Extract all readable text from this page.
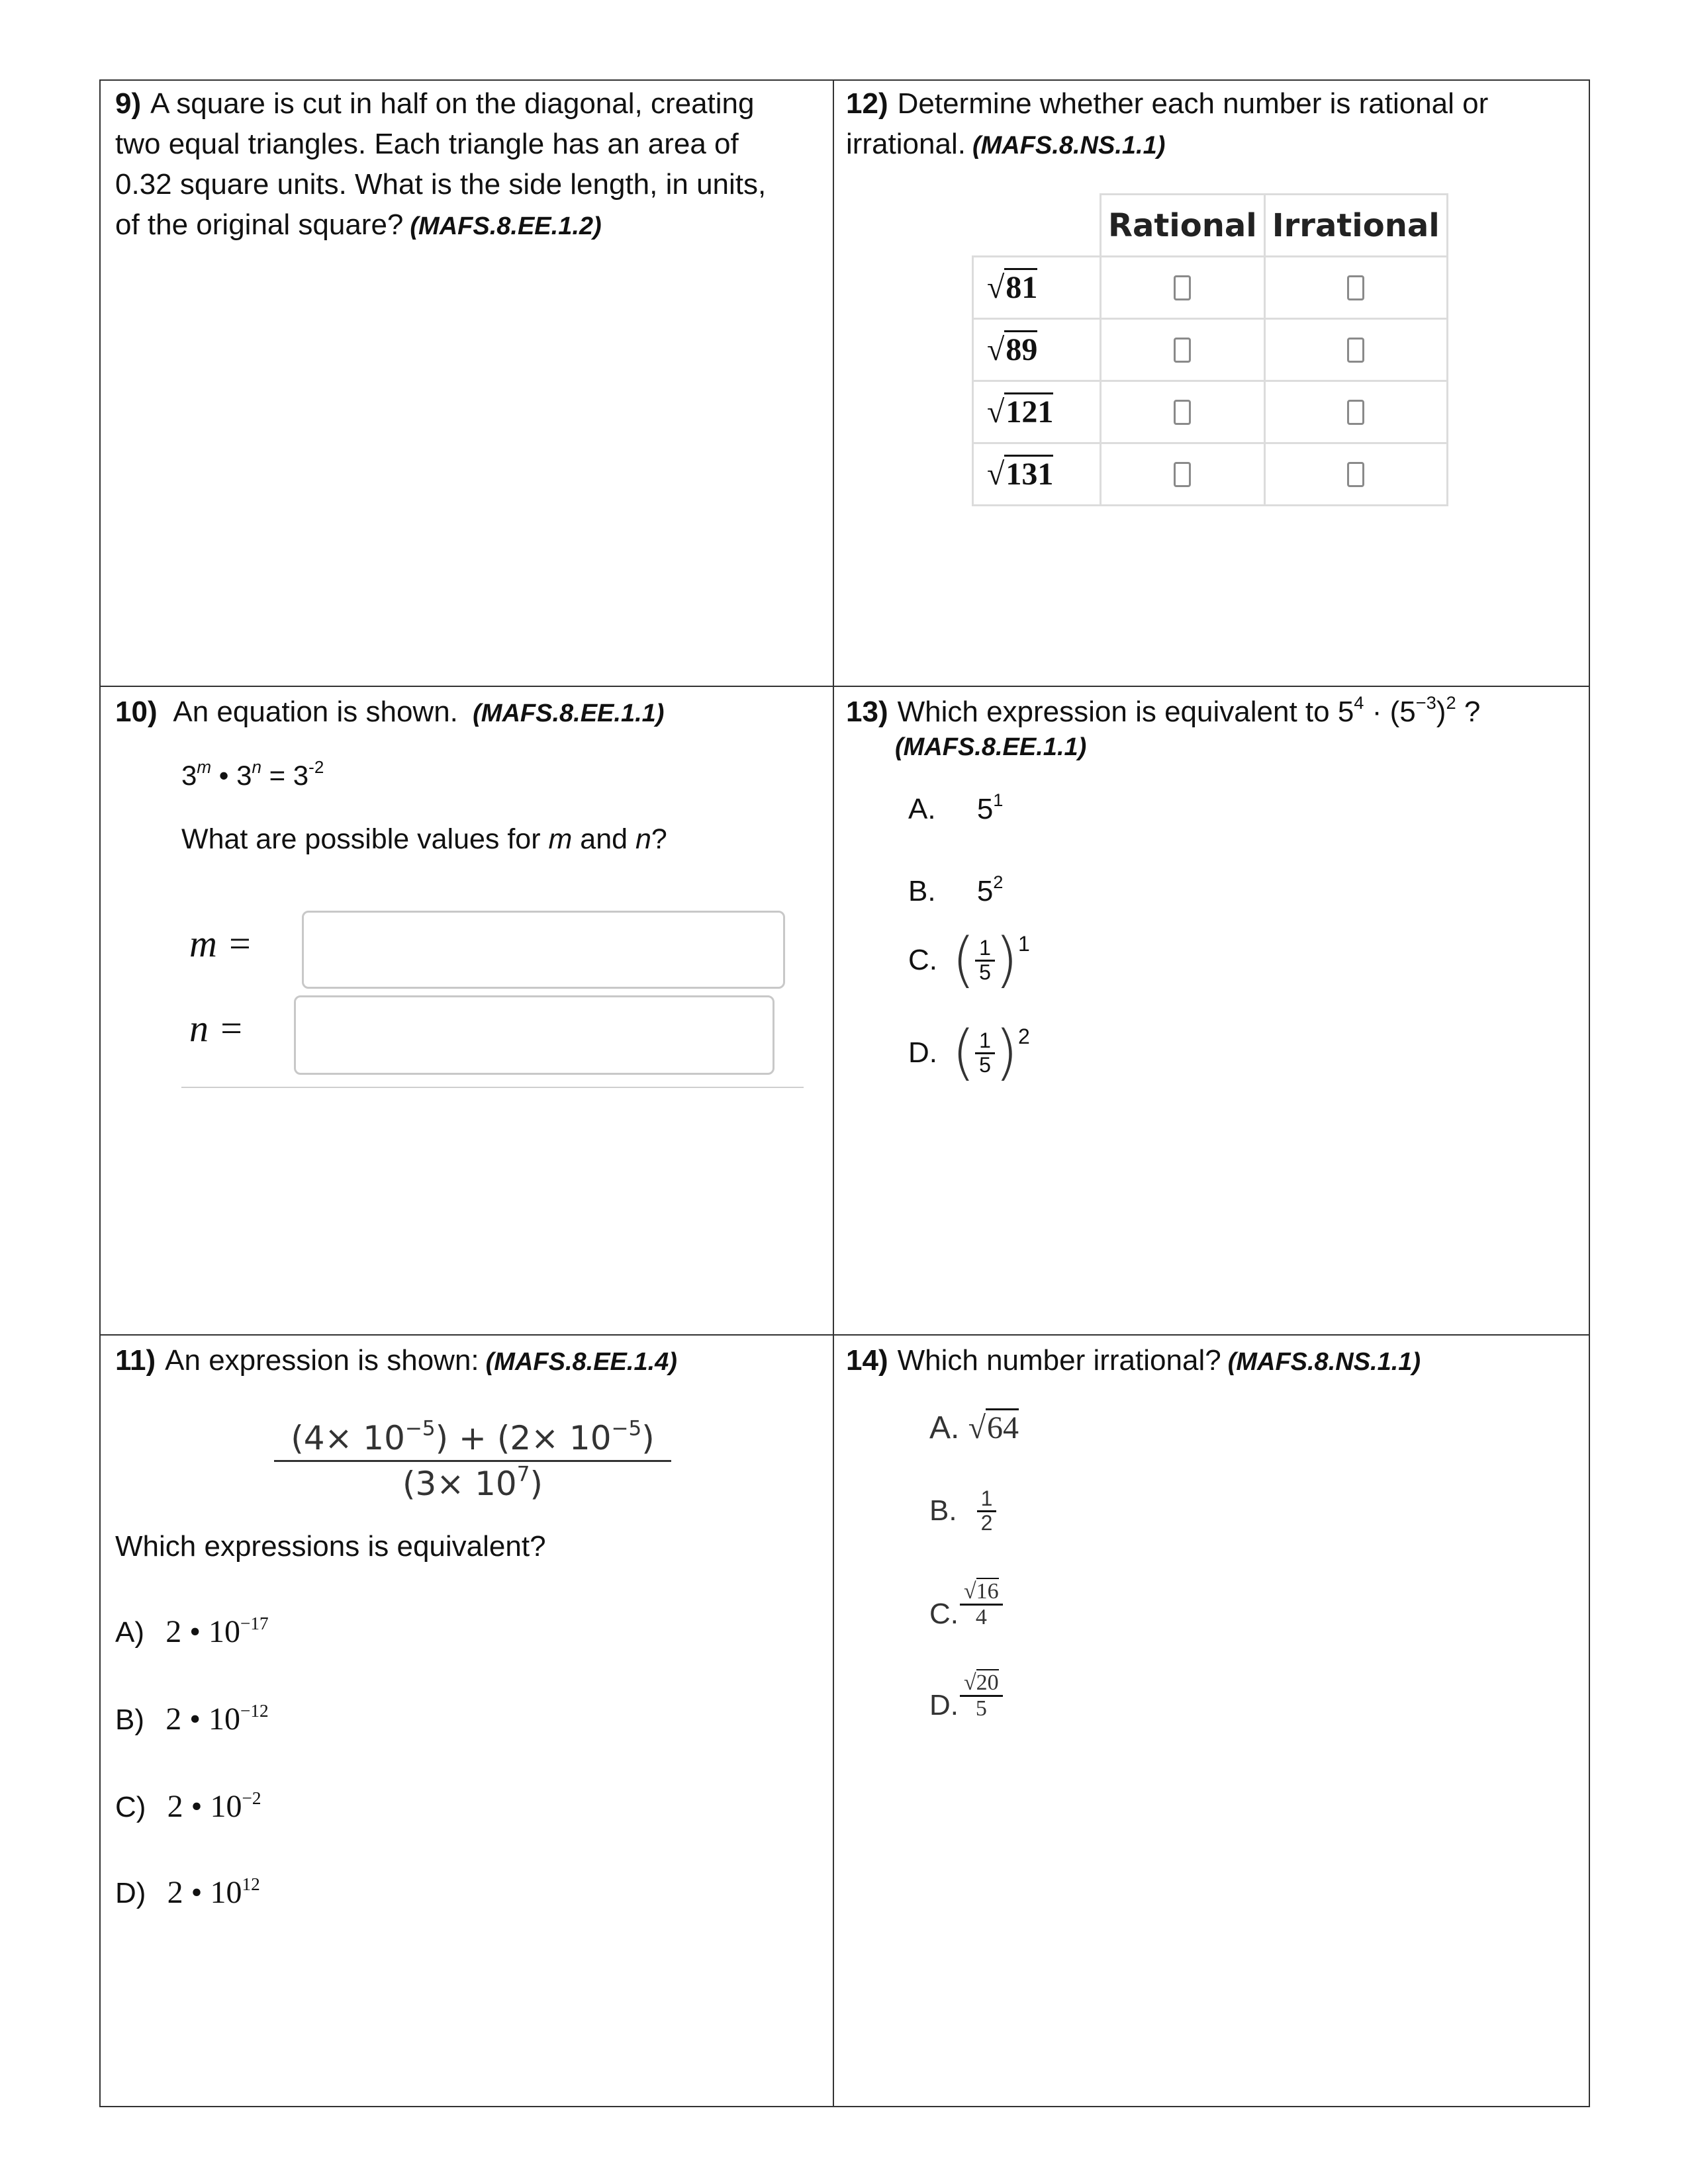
9) A square is cut in half on the diagonal, creating
two equal triangles. Each triangle has an area of
0.32 square units. What is the side length, in units,
of the original square? (MAFS.8.EE.1.2)
12) Determine whether each number is rational or
irrational. (MAFS.8.NS.1.1)
	Rational	Irrational
√81		
√89		
√121		
√131		
10) An equation is shown. (MAFS.8.EE.1.1)
3$^m$ • $3^n = 3^{-2}$
What are possible values for m and n?
m =
n =
13) Which expression is equivalent to $5^4 \cdot (5^{-3})^2$ ?
(MAFS.8.EE.1.1)
A. $5^1$
B. $5^2$
C. ( $\frac{1}{5}$ ) 1
D. ( $\frac{1}{5}$ ) 2
11) An expression is shown: (MAFS.8.EE.1.4)
$\frac{(4\times 10^{-5}) + (2\times 10^{-5})}{(3\times 10^7)}$
Which expressions is equivalent?
A) 2 • $10^{-17}$
B) 2 • $10^{-12}$
C) 2 • $10^{-2}$
D) 2 • $10^{12}$
14) Which number irrational? (MAFS.8.NS.1.1)
A. √64
B. $\frac{1}{2}$
C. $\frac{√16}{4}$
D. $\frac{√20}{5}$
